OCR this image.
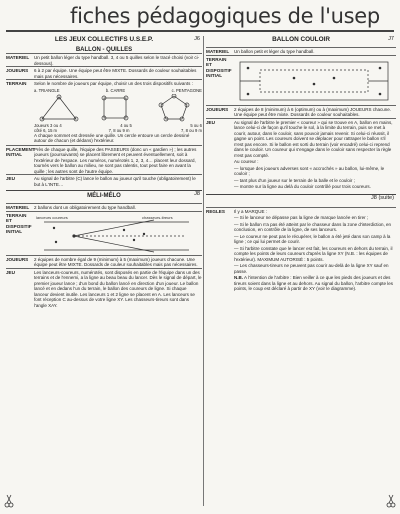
fiches pédagogiques de l'usep
LES JEUX COLLECTIFS U.S.E.P.	J6
BALLON - QUILLES
MATERIEL	Un petit ballon léger du type handball. 3, 4 ou 5 quilles selon le tracé choisi (voir ci-dessous).
JOUEURS	6 à 2 par équipe. Une équipe peut être MIXTE. Dossards de couleur souhaitables mais pas nécessaires.
TERRAIN	Selon le nombre de joueurs par équipe, choisir un des trois dispositifs suivants :

a. TRIANGLE	b. CARRE	c. PENTAGONE
Joueurs 3 ou 4	4 ou 5	5 ou 6
côté 6, 15 m	7, 8 ou 9 m	7, 8 ou 9 m

A chaque sommet est dressée une quille. Un cercle entoure un cercle dessiné autour de chacun (et dédans) l'extérieur.

PLACEMENT INITIAL
Près de chaque quille, l'équipe des PASSEURS (donc un « gardien ») ; les autres joueurs (poursuivants) se placent librement et peuvent éventuellement, soit à l'extérieur de l'espace. Les numéros, numérotés 1, 2, 3, 4… placent leur dossard, tournés vers le ballon au milieu, ne sont pas ralentis, tout peut faire en avant la quille ; les autres sont de l'autre équipe.
JEU	Au signal de l'arbitre (C) lance le ballon au joueur qu'il touche (obligatoirement) le but à L'INTE…
MÉLI-MÉLO	J8
MATERIEL	2 ballons dont un obligatoirement du type handball.
TERRAIN ET DISPOSITIF INITIAL
lanceurs coureurs	chasseurs-tireurs
JOUEURS	2 équipes de nombre égal de 9 (minimum) à 5 (maximum) joueurs chacune. Une équipe peut être MIXTE. Dossards de couleur souhaitables mais pas nécessaires.
JEU	Les lanceurs-coureurs, numérotés, sont disposés en partie de l'équipe dans un des terrains et de l'ennemi, a la ligne au beau beau du lancer. Dès le signal de départ, le premier joueur lance ; d'un bond du ballon lancé en direction d'un joueur. Le ballon lancé et en dedans l'un du terrain, le ballon des coureurs de ligne. Si chaque lanceur devient inutile. Les lanceurs 1 et 2 ligne se placent en A. Les lanceurs se font réception C au-dessus de votre ligne XY. Les chasseurs-tireurs sont dans l'angle XAY.
BALLON COULOIR	J7
MATERIEL	Un ballon petit et léger du type handball.
TERRAIN ET DISPOSITIF INITIAL
JOUEURS	2 équipes de 8 (minimum) à 6 (optimum) ou à (maximum) JOUEURS chacune. Une équipe peut être mixte. Dossards de couleur souhaitables.
JEU	Au signal de l'arbitre le premier « coureur » qui se trouve en A, ballon en mains, lance celui-ci de façon qu'il touche le sol, à la limite du terrain, puis se met à courir, autour, dans le couloir, sans pouvoir jamais revenir. Si celui-ci réussit, il gagne un point. Les coureurs doivent se déplacer pour rattraper le ballon s'il n'est pas encore. Si le ballon est sorti du terrain (voir encadré) celui-ci reprend dans le couloir. Un coureur qui s'engage dans le couloir sans respecter la règle n'est pas compté.

Au coureur :

— lorsque des joueurs adverses sont « accrochés » au ballon, lui-même, le couloir ;

— tant plus d'un joueur sur le terrain de la balle et le couloir ;

— montre sur la ligne au delà du couloir contrôlé pour trois coureurs.

J8 (suite)
REGLES	Il y a MARQUE :

— Si le lanceur ne dépasse pas la ligne de marque lancée en tirer ;

— Si le ballon n'a pas été atteint par le chasseur dans la zone d'interdiction, en conclusion, en contrôle de la ligne, de ses lanceurs.

— Le coureur ne peut pas le récupérer, le ballon a été jeté dans son camp à la ligne ; ce qui lui permet de courir.

— Si l'arbitre constate que le lancer est fait, les coureurs en dehors du terrain, il compte les points de leurs coureurs d'après la ligne XY (N.B. : les équipes de l'extérieur). MAXIMUM AUTORISÉ : 5 points.

— Les chasseurs-tireurs ne peuvent pas courir au-delà de la ligne XY sauf en passe.

N.B. A l'intention de l'arbitre : Bien veiller à ce que les pieds des joueurs et des tireurs soient dans la ligne et au dehors. Au signal du ballon, l'arbitre compte les points, le coup est déclaré à partir de XY (voir le diagramme).
